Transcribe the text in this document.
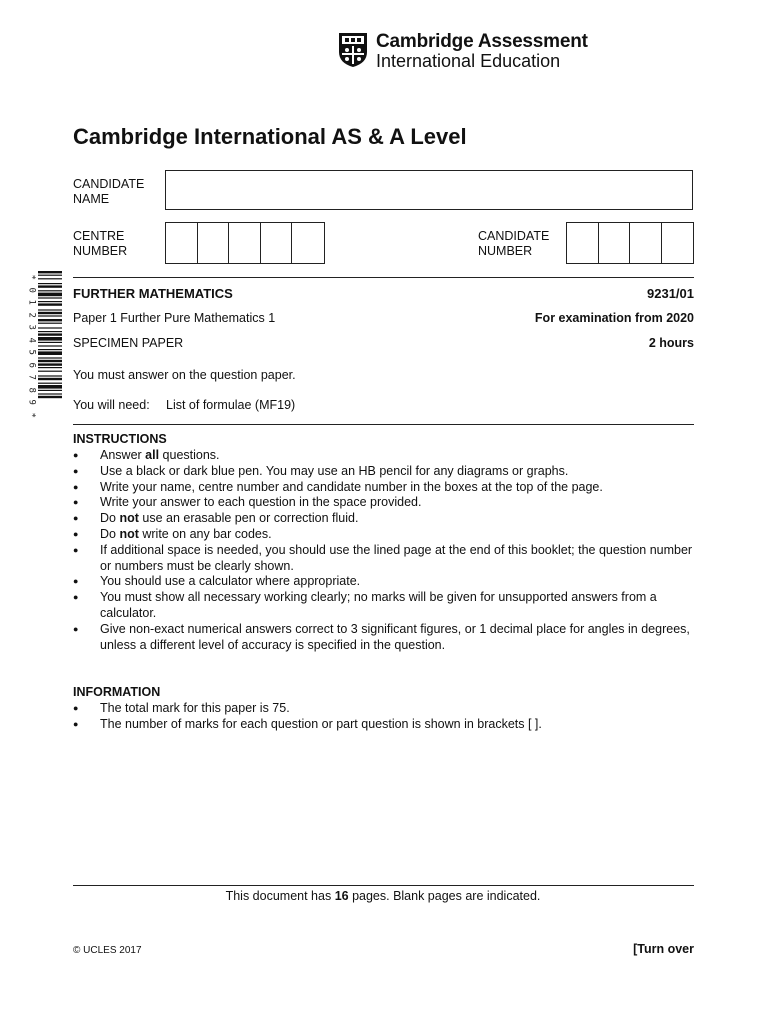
Cambridge Assessment
International Education
Cambridge International AS & A Level
CANDIDATE
NAME
CENTRE
NUMBER
CANDIDATE
NUMBER
*
0
1
2
3
4
5
6
7
8
9
*
FURTHER MATHEMATICS	9231/01
Paper 1 Further Pure Mathematics 1	For examination from 2020
SPECIMEN PAPER	2 hours
You must answer on the question paper.
You will need: List of formulae (MF19)
INSTRUCTIONS
● Answer all questions.
● Use a black or dark blue pen. You may use an HB pencil for any diagrams or graphs.
● Write your name, centre number and candidate number in the boxes at the top of the page.
● Write your answer to each question in the space provided.
● Do not use an erasable pen or correction fluid.
● Do not write on any bar codes.
● If additional space is needed, you should use the lined page at the end of this booklet; the question number or numbers must be clearly shown.
● You should use a calculator where appropriate.
● You must show all necessary working clearly; no marks will be given for unsupported answers from a calculator.
● Give non-exact numerical answers correct to 3 significant figures, or 1 decimal place for angles in degrees, unless a different level of accuracy is specified in the question.
INFORMATION
● The total mark for this paper is 75.
● The number of marks for each question or part question is shown in brackets [ ].
This document has 16 pages. Blank pages are indicated.
© UCLES 2017	[Turn over
